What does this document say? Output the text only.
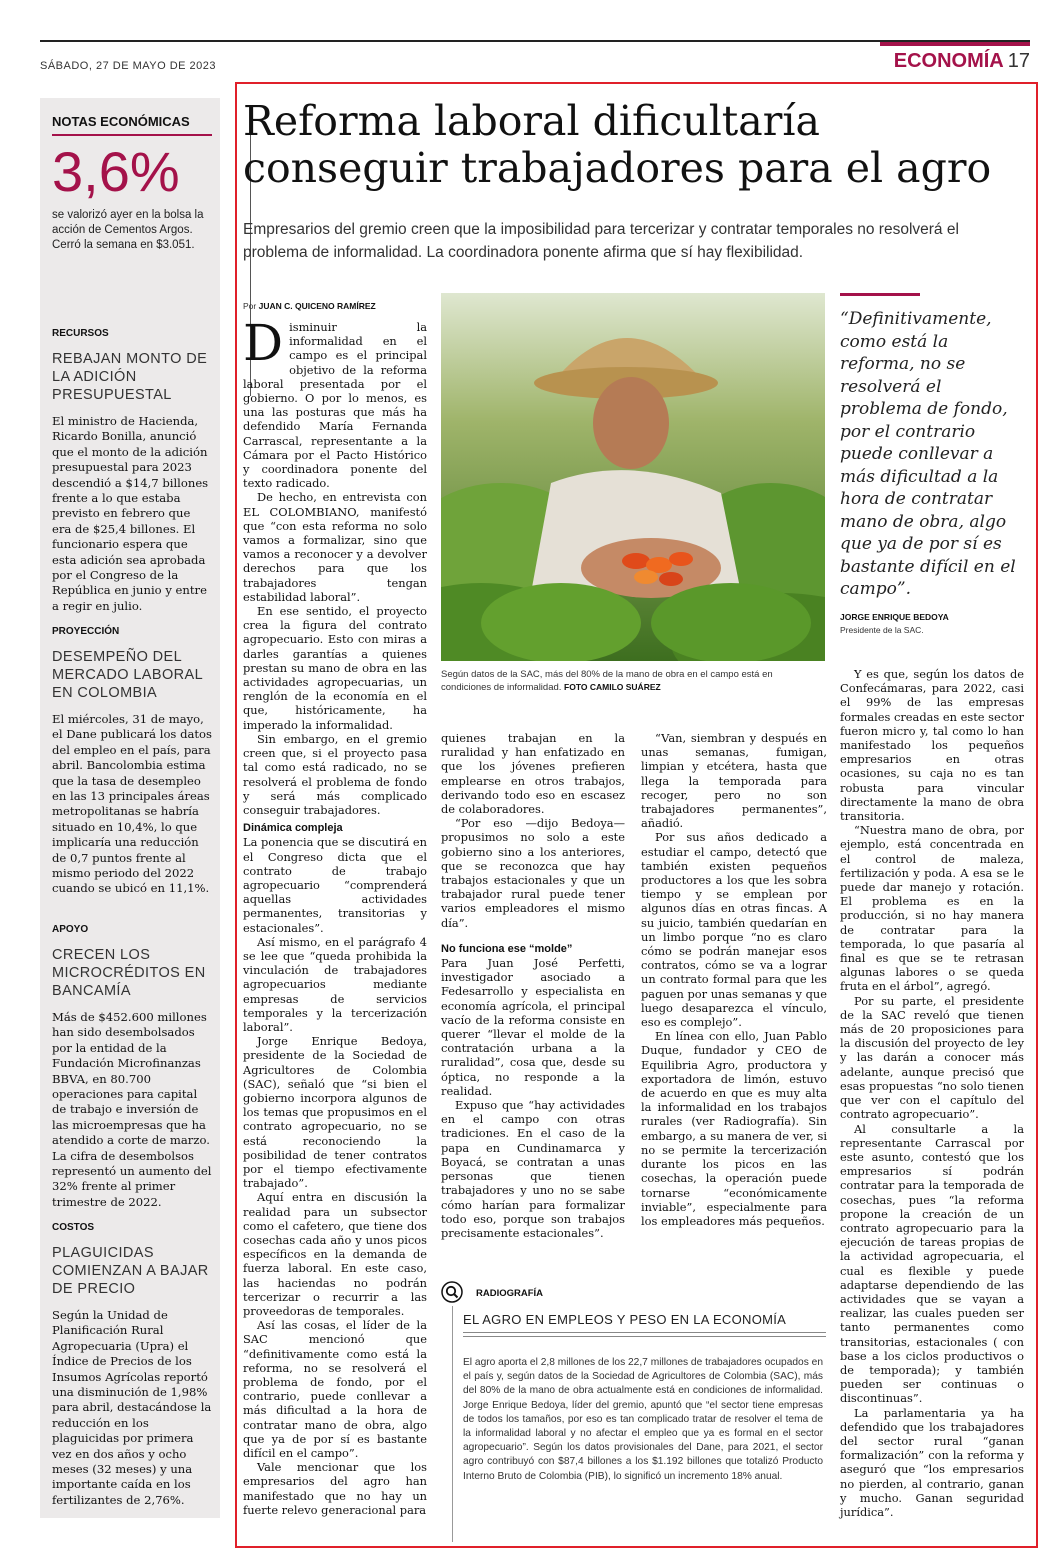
SÁBADO, 27 DE MAYO DE 2023	ECONOMÍA 17
NOTAS ECONÓMICAS
3,6%
se valorizó ayer en la bolsa la acción de Cementos Argos. Cerró la semana en $3.051.
RECURSOS
REBAJAN MONTO DE LA ADICIÓN PRESUPUESTAL
El ministro de Hacienda, Ricardo Bonilla, anunció que el monto de la adición presupuestal para 2023 descendió a $14,7 billones frente a lo que estaba previsto en febrero que era de $25,4 billones. El funcionario espera que esta adición sea aprobada por el Congreso de la República en junio y entre a regir en julio.
PROYECCIÓN
DESEMPEÑO DEL MERCADO LABORAL EN COLOMBIA
El miércoles, 31 de mayo, el Dane publicará los datos del empleo en el país, para abril. Bancolombia estima que la tasa de desempleo en las 13 principales áreas metropolitanas se habría situado en 10,4%, lo que implicaría una reducción de 0,7 puntos frente al mismo periodo del 2022 cuando se ubicó en 11,1%.
APOYO
CRECEN LOS MICROCRÉDITOS EN BANCAMÍA
Más de $452.600 millones han sido desembolsados por la entidad de la Fundación Microfinanzas BBVA, en 80.700 operaciones para capital de trabajo e inversión de las microempresas que ha atendido a corte de marzo. La cifra de desembolsos representó un aumento del 32% frente al primer trimestre de 2022.
COSTOS
PLAGUICIDAS COMIENZAN A BAJAR DE PRECIO
Según la Unidad de Planificación Rural Agropecuaria (Upra) el Índice de Precios de los Insumos Agrícolas reportó una disminución de 1,98% para abril, destacándose la reducción en los plaguicidas por primera vez en dos años y ocho meses (32 meses) y una importante caída en los fertilizantes de 2,76%.
Reforma laboral dificultaría conseguir trabajadores para el agro
Empresarios del gremio creen que la imposibilidad para tercerizar y contratar temporales no resolverá el problema de informalidad. La coordinadora ponente afirma que sí hay flexibilidad.
Por JUAN C. QUICENO RAMÍREZ

Disminuir la informalidad en el campo es el principal objetivo de la reforma laboral presentada por el gobierno. O por lo menos, es una las posturas que más ha defendido María Fernanda Carrascal, representante a la Cámara por el Pacto Histórico y coordinadora ponente del texto radicado.

De hecho, en entrevista con EL COLOMBIANO, manifestó que “con esta reforma no solo vamos a formalizar, sino que vamos a reconocer y a devolver derechos para que los trabajadores tengan estabilidad laboral”.

En ese sentido, el proyecto crea la figura del contrato agropecuario. Esto con miras a darles garantías a quienes prestan su mano de obra en las actividades agropecuarias, un renglón de la economía en el que, históricamente, ha imperado la informalidad.

Sin embargo, en el gremio creen que, si el proyecto pasa tal como está radicado, no se resolverá el problema de fondo y será más complicado conseguir trabajadores.

Dinámica compleja

La ponencia que se discutirá en el Congreso dicta que el contrato de trabajo agropecuario “comprenderá aquellas actividades permanentes, transitorias y estacionales”.

Así mismo, en el parágrafo 4 se lee que “queda prohibida la vinculación de trabajadores agropecuarios mediante empresas de servicios temporales y la tercerización laboral”.

Jorge Enrique Bedoya, presidente de la Sociedad de Agricultores de Colombia (SAC), señaló que “si bien el gobierno incorpora algunos de los temas que propusimos en el contrato agropecuario, no se está reconociendo la posibilidad de tener contratos por el tiempo efectivamente trabajado”.

Aquí entra en discusión la realidad para un subsector como el cafetero, que tiene dos cosechas cada año y unos picos específicos en la demanda de fuerza laboral. En este caso, las haciendas no podrán tercerizar o recurrir a las proveedoras de temporales.

Así las cosas, el líder de la SAC mencionó que “definitivamente como está la reforma, no se resolverá el problema de fondo, por el contrario, puede conllevar a más dificultad a la hora de contratar mano de obra, algo que ya de por sí es bastante difícil en el campo”.

Vale mencionar que los empresarios del agro han manifestado que no hay un fuerte relevo generacional para

Según datos de la SAC, más del 80% de la mano de obra en el campo está en condiciones de informalidad. FOTO CAMILO SUÁREZ
“Definitivamente, como está la reforma, no se resolverá el problema de fondo, por el contrario puede conllevar a más dificultad a la hora de contratar mano de obra, algo que ya de por sí es bastante difícil en el campo”.
JORGE ENRIQUE BEDOYA
Presidente de la SAC.

quienes trabajan en la ruralidad y han enfatizado en que los jóvenes prefieren emplearse en otros trabajos, derivando todo eso en escasez de colaboradores.

“Por eso —dijo Bedoya— propusimos no solo a este gobierno sino a los anteriores, que se reconozca que hay trabajos estacionales y que un trabajador rural puede tener varios empleadores el mismo día”.

No funciona ese “molde”

Para Juan José Perfetti, investigador asociado a Fedesarrollo y especialista en economía agrícola, el principal vacío de la reforma consiste en querer “llevar el molde de la contratación urbana a la ruralidad”, cosa que, desde su óptica, no responde a la realidad.

Expuso que “hay actividades en el campo con otras tradiciones. En el caso de la papa en Cundinamarca y Boyacá, se contratan a unas personas que tienen trabajadores y uno no se sabe cómo harían para formalizar todo eso, porque son trabajos precisamente estacionales”.

“Van, siembran y después en unas semanas, fumigan, limpian y etcétera, hasta que llega la temporada para recoger, pero no son trabajadores permanentes”, añadió.

Por sus años dedicado a estudiar el campo, detectó que también existen pequeños productores a los que les sobra tiempo y se emplean por algunos días en otras fincas. A su juicio, también quedarían en un limbo porque “no es claro cómo se podrán manejar esos contratos, cómo se va a lograr un contrato formal para que les paguen por unas semanas y que luego desaparezca el vínculo, eso es complejo”.

En línea con ello, Juan Pablo Duque, fundador y CEO de Equilibria Agro, productora y exportadora de limón, estuvo de acuerdo en que es muy alta la informalidad en los trabajos rurales (ver Radiografía). Sin embargo, a su manera de ver, si no se permite la tercerización durante los picos en las cosechas, la operación puede tornarse “económicamente inviable”, especialmente para los empleadores más pequeños.

Y es que, según los datos de Confecámaras, para 2022, casi el 99% de las empresas formales creadas en este sector fueron micro y, tal como lo han manifestado los pequeños empresarios en otras ocasiones, su caja no es tan robusta para vincular directamente la mano de obra transitoria.

“Nuestra mano de obra, por ejemplo, está concentrada en el control de maleza, fertilización y poda. A esa se le puede dar manejo y rotación. El problema es en la producción, si no hay manera de contratar para la temporada, lo que pasaría al final es que se te retrasan algunas labores o se queda fruta en el árbol”, agregó.

Por su parte, el presidente de la SAC reveló que tienen más de 20 proposiciones para la discusión del proyecto de ley y las darán a conocer más adelante, aunque precisó que esas propuestas “no solo tienen que ver con el capítulo del contrato agropecuario”.

Al consultarle a la representante Carrascal por este asunto, contestó que los empresarios sí podrán contratar para la temporada de cosechas, pues “la reforma propone la creación de un contrato agropecuario para la ejecución de tareas propias de la actividad agropecuaria, el cual es flexible y puede adaptarse dependiendo de las actividades que se vayan a realizar, las cuales pueden ser tanto permanentes como transitorias, estacionales ( con base a los ciclos productivos o de temporada); y también pueden ser continuas o discontinuas”.

La parlamentaria ya ha defendido que los trabajadores del sector rural “ganan formalización” con la reforma y aseguró que “los empresarios no pierden, al contrario, ganan y mucho. Ganan seguridad jurídica”.

RADIOGRAFÍA
EL AGRO EN EMPLEOS Y PESO EN LA ECONOMÍA
El agro aporta el 2,8 millones de los 22,7 millones de trabajadores ocupados en el país y, según datos de la Sociedad de Agricultores de Colombia (SAC), más del 80% de la mano de obra actualmente está en condiciones de informalidad. Jorge Enrique Bedoya, líder del gremio, apuntó que “el sector tiene empresas de todos los tamaños, por eso es tan complicado tratar de resolver el tema de la informalidad laboral y no afectar el empleo que ya es formal en el sector agropecuario”. Según los datos provisionales del Dane, para 2021, el sector agro contribuyó con $87,4 billones a los $1.192 billones que totalizó Producto Interno Bruto de Colombia (PIB), lo significó un incremento 18% anual.
